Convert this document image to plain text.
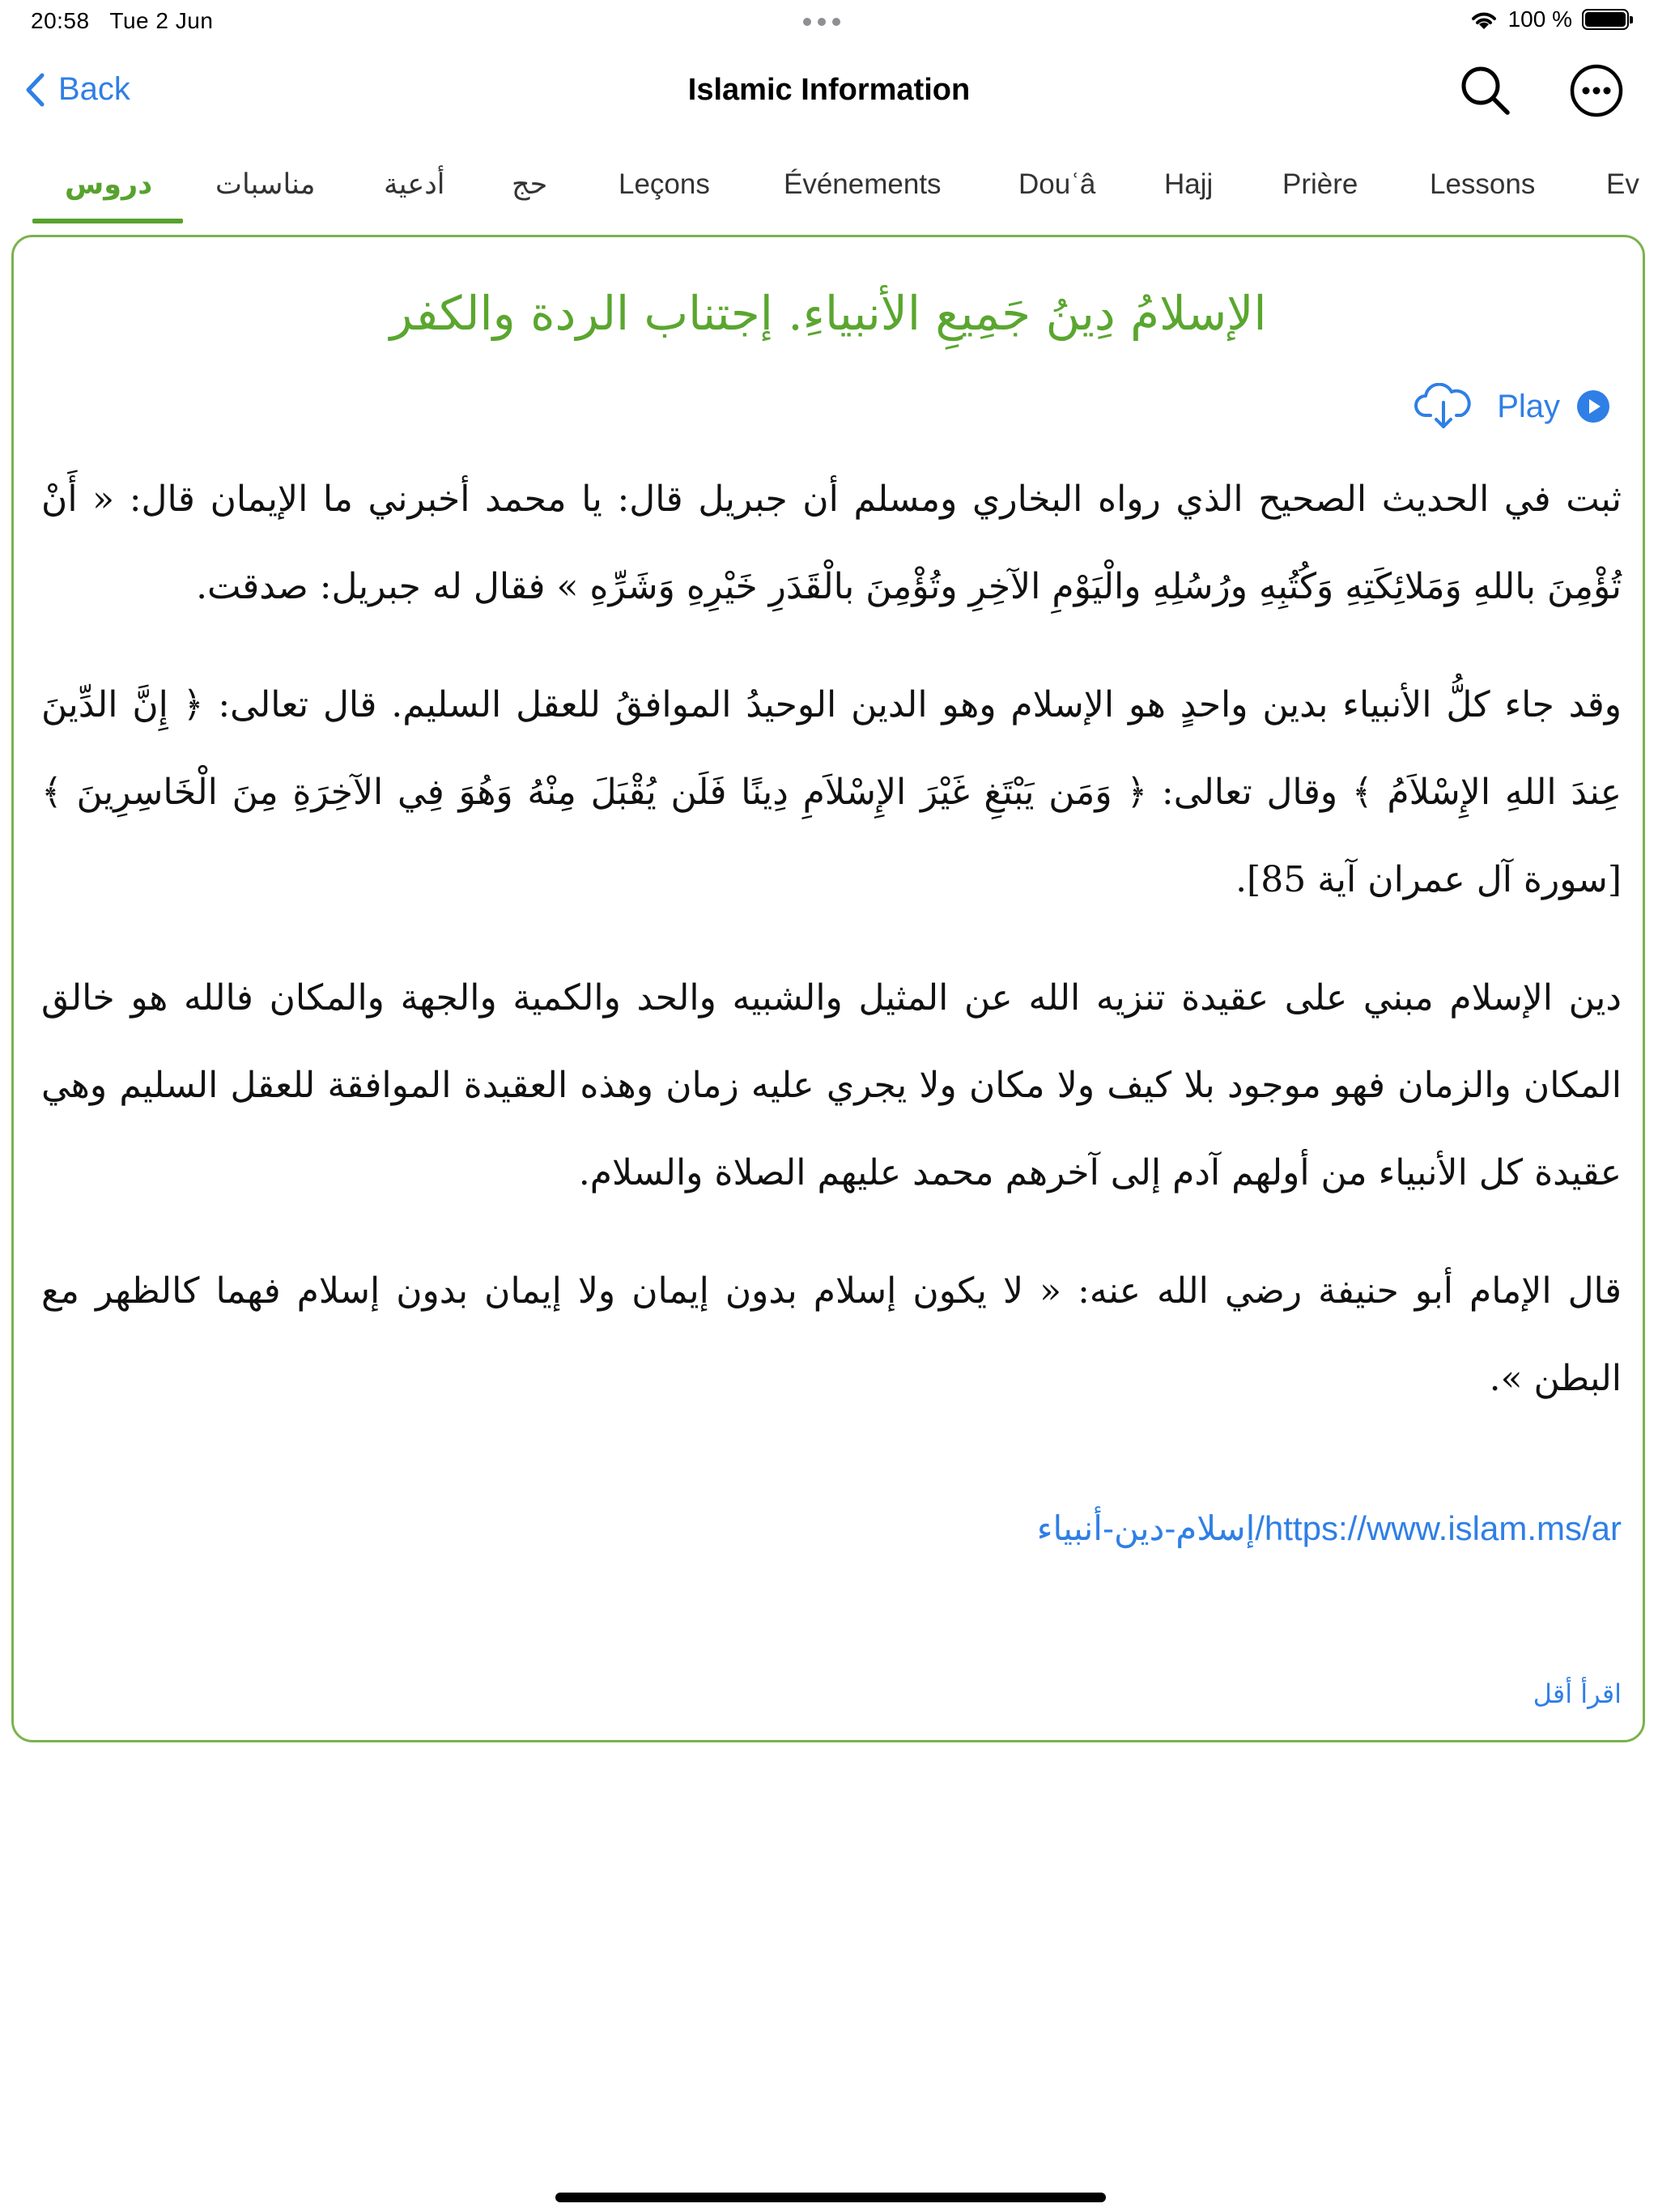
20:58 Tue 2 Jun	100 %
Back	Islamic Information
دروس مناسبات أدعية حج	Leçons	Événements	Douʿâ Hajj Prière	Lessons	Ev
الإسلامُ دِينُ جَمِيعِ الأنبياءِ. إجتناب الردة والكفر
Play

ثبت في الحديث الصحيح الذي رواه البخاري ومسلم أن جبريل قال: يا محمد أخبرني ما الإيمان قال: « أَنْ تُؤْمِنَ باللهِ وَمَلائِكَتِهِ وَكُتُبِهِ ورُسُلِهِ والْيَوْمِ الآخِرِ وتُؤْمِنَ بالْقَدَرِ خَيْرِهِ وَشَرِّهِ » فقال له جبريل: صدقت.

وقد جاء كلُّ الأنبياء بدين واحدٍ هو الإسلام وهو الدين الوحيدُ الموافقُ للعقل السليم. قال تعالى: ﴿ إِنَّ الدِّينَ عِندَ اللهِ الإِسْلاَمُ ﴾ وقال تعالى: ﴿ وَمَن يَبْتَغِ غَيْرَ الإِسْلاَمِ دِينًا فَلَن يُقْبَلَ مِنْهُ وَهُوَ فِي الآخِرَةِ مِنَ الْخَاسِرِينَ ﴾ [سورة آل عمران آية 85].

دين الإسلام مبني على عقيدة تنزيه الله عن المثيل والشبيه والحد والكمية والجهة والمكان فالله هو خالق المكان والزمان فهو موجود بلا كيف ولا مكان ولا يجري عليه زمان وهذه العقيدة الموافقة للعقل السليم وهي عقيدة كل الأنبياء من أولهم آدم إلى آخرهم محمد عليهم الصلاة والسلام.

قال الإمام أبو حنيفة رضي الله عنه: « لا يكون إسلام بدون إيمان ولا إيمان بدون إسلام فهما كالظهر مع البطن ».

https://www.islam.ms/ar/إسلام-دين-أنبياء
اقرأ أقل
